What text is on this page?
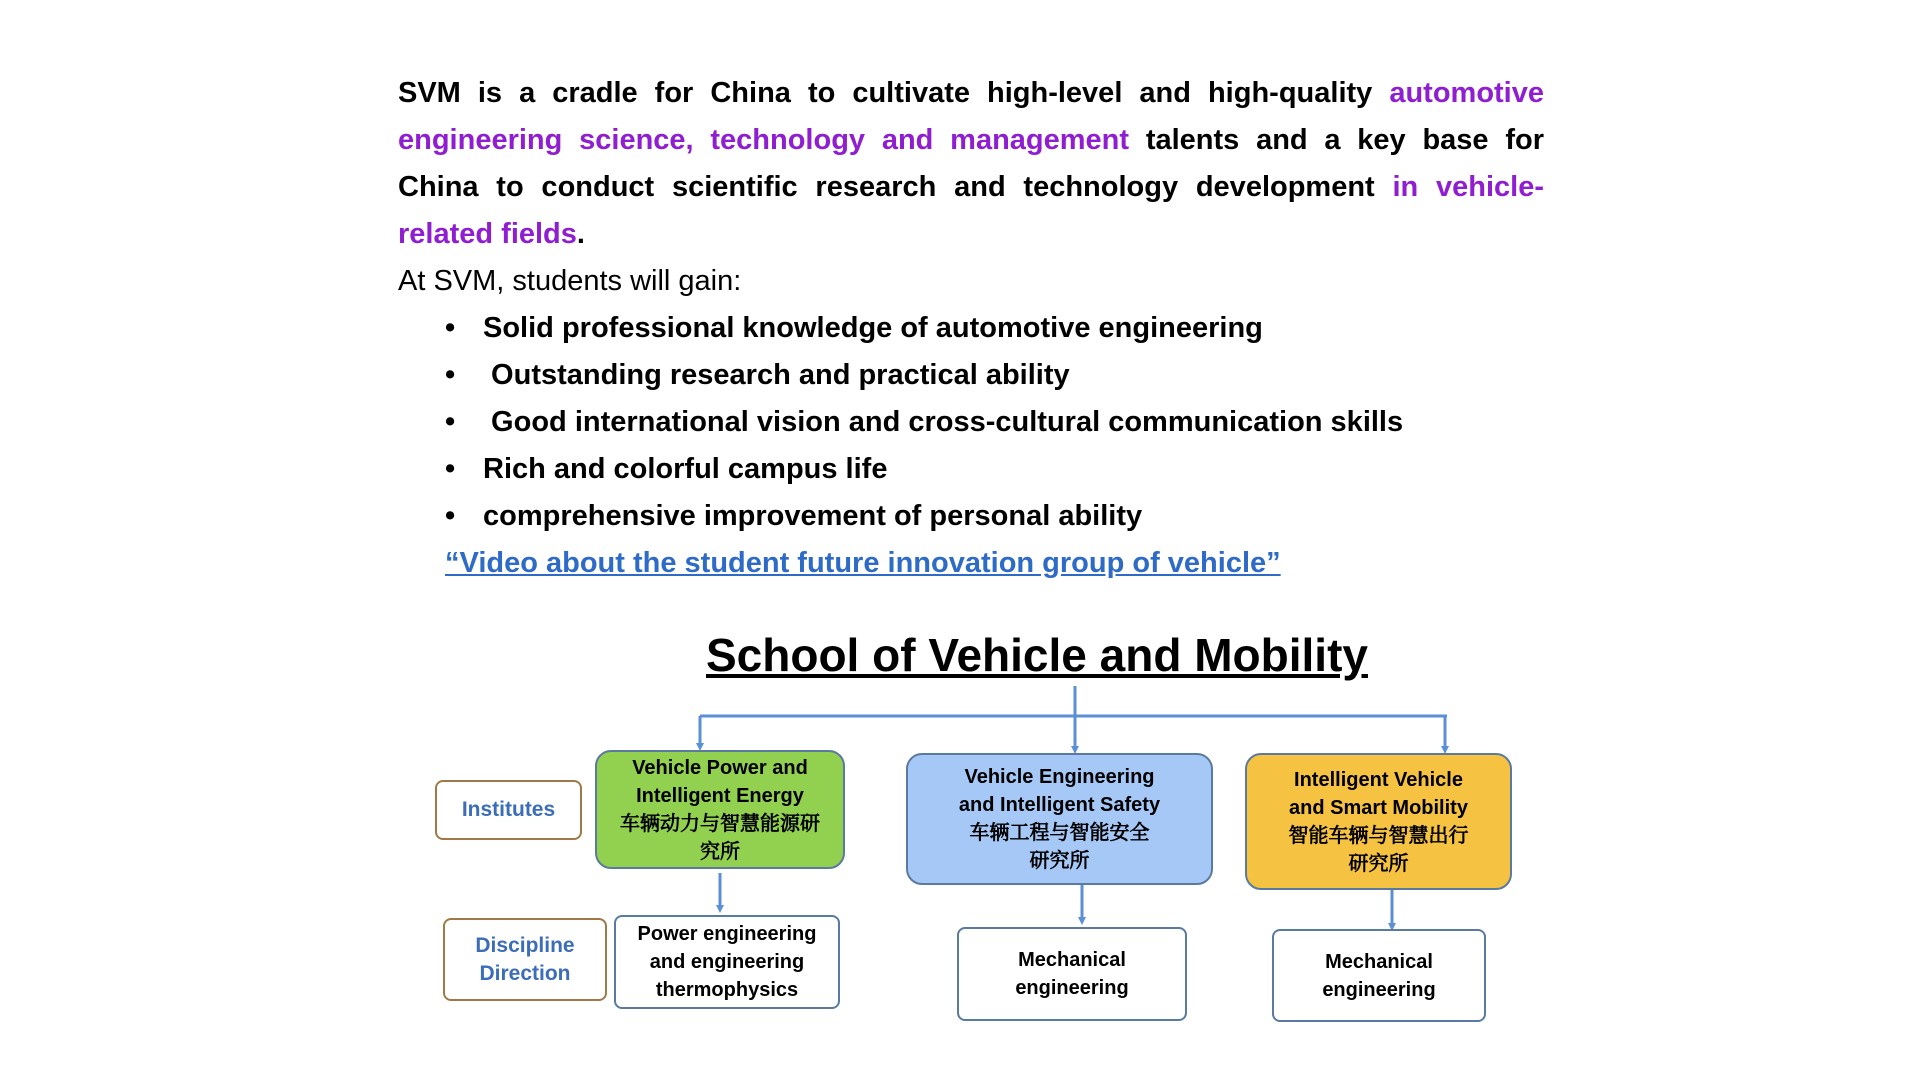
SVM is a cradle for China to cultivate high-level and high-quality automotive engineering science, technology and management talents and a key base for China to conduct scientific research and technology development in vehicle-related fields.
At SVM, students will gain:
• Solid professional knowledge of automotive engineering
• Outstanding research and practical ability
• Good international vision and cross-cultural communication skills
• Rich and colorful campus life
• comprehensive improvement of personal ability
“Video about the student future innovation group of vehicle”
School of Vehicle and Mobility
Institutes
Discipline
Direction
Vehicle Power and
Intelligent Energy
车辆动力与智慧能源研
究所
Vehicle Engineering
and Intelligent Safety
车辆工程与智能安全
研究所
Intelligent Vehicle
and Smart Mobility
智能车辆与智慧出行
研究所
Power engineering
and engineering
thermophysics
Mechanical
engineering
Mechanical
engineering
